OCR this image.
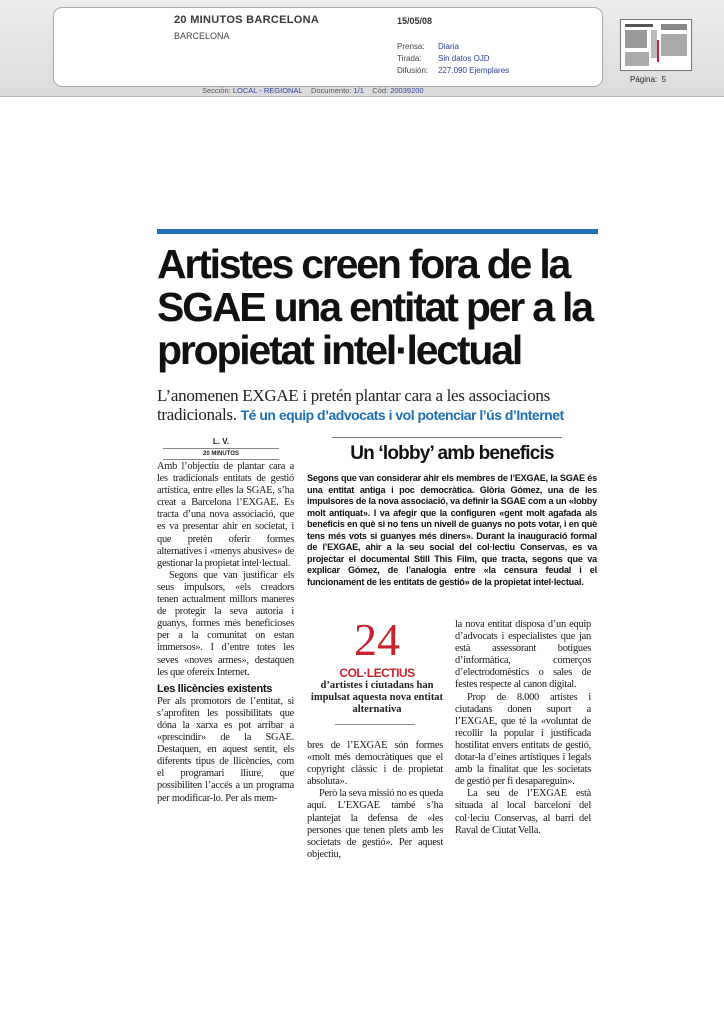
20 MINUTOS BARCELONA
BARCELONA
15/05/08
Prensa: Diaria
Tirada: Sin datos OJD
Difusión: 227.090 Ejemplares
Página: 5
Sección: LOCAL - REGIONAL Documento: 1/1 Cód: 20039200
Artistes creen fora de la SGAE una entitat per a la propietat intel·lectual

L’anomenen EXGAE i pretén plantar cara a les associacions tradicionals. Té un equip d’advocats i vol potenciar l’ús d’Internet

L. V.
20 MINUTOS

Amb l’objectiu de plantar cara a les tradicionals entitats de gestió artística, entre elles la SGAE, s’ha creat a Barcelona l’EXGAE. Es tracta d’una nova associació, que es va presentar ahir en societat, i que pretèn oferir formes alternatives i «menys abusives» de gestionar la propietat intel·lectual.

Segons que van justificar els seus impulsors, «els creadors tenen actualment millors maneres de protegir la seva autoria i guanys, formes més beneficioses per a la comunitat on estan immersos». I d’entre totes les seves «noves armes», destaquen les que ofereix Internet.

Les llicències existents

Per als promotors de l’entitat, si s’aprofiten les possibilitats que dóna la xarxa es pot arribar a «prescindir» de la SGAE. Destaquen, en aquest sentit, els diferents tipus de llicències, com el programari lliure, que possibiliten l’accés a un programa per modificar-lo. Per als mem-

Un ‘lobby’ amb beneficis
Segons que van considerar ahir els membres de l’EXGAE, la SGAE és una entitat antiga i poc democràtica. Glòria Gómez, una de les impulsores de la nova associació, va definir la SGAE com a un «lobby molt antiquat». I va afegir que la configuren «gent molt agafada als beneficis en què si no tens un nivell de guanys no pots votar, i en què tens més vots si guanyes més diners». Durant la inauguració formal de l’EXGAE, ahir a la seu social del col·lectiu Conservas, es va projectar el documental Still This Film, que tracta, segons que va explicar Gómez, de l’analogia entre «la censura feudal i el funcionament de les entitats de gestió» de la propietat intel·lectual.
24
COL·LECTIUS
d’artistes i ciutadans han impulsat aquesta nova entitat alternativa

bres de l’EXGAE són formes «molt més democràtiques que el copyright clàssic i de propietat absoluta».

Però la seva missió no es queda aquí. L’EXGAE també s’ha plantejat la defensa de «les persones que tenen plets amb les societats de gestió». Per aquest objectiu,

la nova entitat disposa d’un equip d’advocats i especialistes que jan està assessorant botigues d’informàtica, comerços d’electrodomèstics o sales de festes respecte al canon digital.

Prop de 8.000 artistes i ciutadans donen suport a l’EXGAE, que té la «voluntat de recollir la popular i justificada hostilitat envers entitats de gestió, dotar-la d’eines artístiques i legals amb la finalitat que les societats de gestió per fi desapareguin».

La seu de l’EXGAE està situada al local barceloní del col·leciu Conservas, al barri del Raval de Ciutat Vella.
